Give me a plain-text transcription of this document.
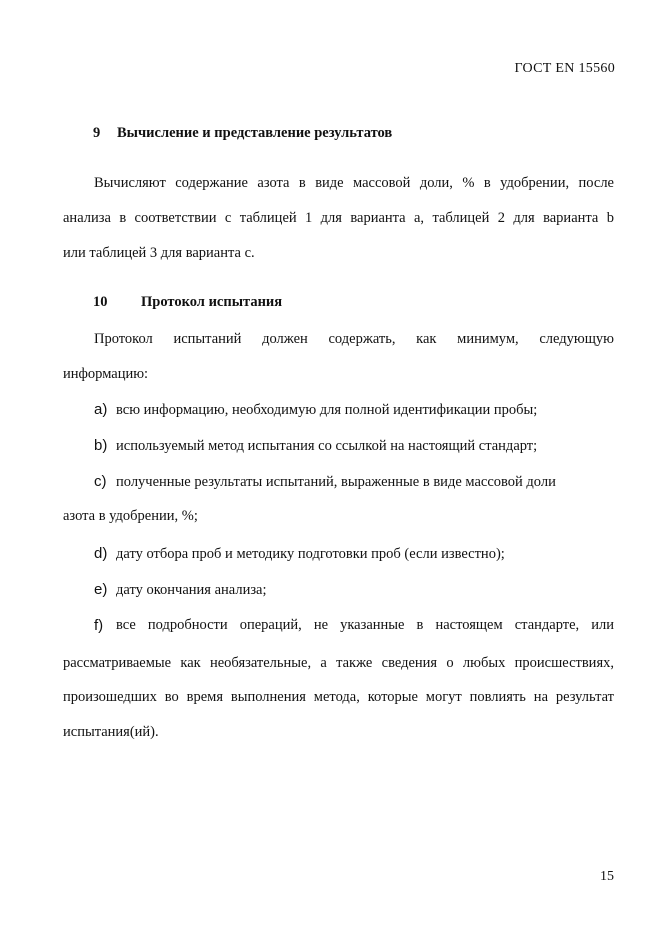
ГОСТ EN 15560
9 Вычисление и представление результатов
Вычисляют содержание азота в виде массовой доли, % в удобрении, после
анализа в соответствии с таблицей 1 для варианта a, таблицей 2 для варианта b
или таблицей 3 для варианта c.
10 Протокол испытания
Протокол испытаний должен содержать, как минимум, следующую
информацию:
a) всю информацию, необходимую для полной идентификации пробы;
b) используемый метод испытания со ссылкой на настоящий стандарт;
c) полученные результаты испытаний, выраженные в виде массовой доли
азота в удобрении, %;
d) дату отбора проб и методику подготовки проб (если известно);
e) дату окончания анализа;
f) все подробности операций, не указанные в настоящем стандарте, или
рассматриваемые как необязательные, а также сведения о любых происшествиях,
произошедших во время выполнения метода, которые могут повлиять на результат
испытания(ий).
15
